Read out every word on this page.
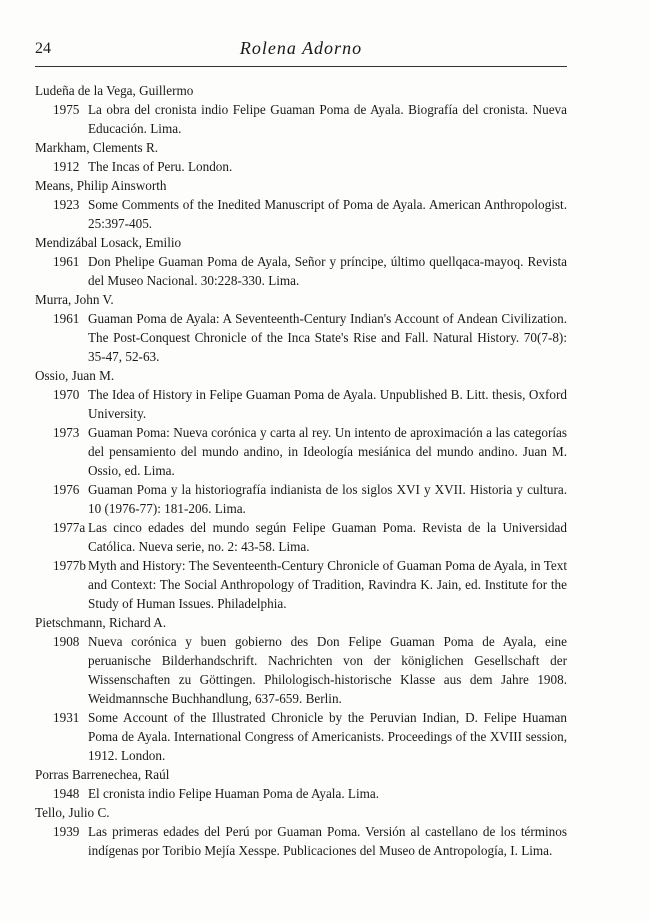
24	Rolena Adorno

Ludeña de la Vega, Guillermo

1975 La obra del cronista indio Felipe Guaman Poma de Ayala. Biografía del cronista. Nueva Educación. Lima.

Markham, Clements R.

1912 The Incas of Peru. London.

Means, Philip Ainsworth

1923 Some Comments of the Inedited Manuscript of Poma de Ayala. American Anthropologist. 25:397-405.

Mendizábal Losack, Emilio

1961 Don Phelipe Guaman Poma de Ayala, Señor y príncipe, último quellqaca-mayoq. Revista del Museo Nacional. 30:228-330. Lima.

Murra, John V.

1961 Guaman Poma de Ayala: A Seventeenth-Century Indian's Account of Andean Civilization. The Post-Conquest Chronicle of the Inca State's Rise and Fall. Natural History. 70(7-8): 35-47, 52-63.

Ossio, Juan M.

1970 The Idea of History in Felipe Guaman Poma de Ayala. Unpublished B. Litt. thesis, Oxford University.
1973 Guaman Poma: Nueva corónica y carta al rey. Un intento de aproximación a las categorías del pensamiento del mundo andino, in Ideología mesiánica del mundo andino. Juan M. Ossio, ed. Lima.
1976 Guaman Poma y la historiografía indianista de los siglos XVI y XVII. Historia y cultura. 10 (1976-77): 181-206. Lima.
1977a Las cinco edades del mundo según Felipe Guaman Poma. Revista de la Universidad Católica. Nueva serie, no. 2: 43-58. Lima.
1977b Myth and History: The Seventeenth-Century Chronicle of Guaman Poma de Ayala, in Text and Context: The Social Anthropology of Tradition, Ravindra K. Jain, ed. Institute for the Study of Human Issues. Philadelphia.

Pietschmann, Richard A.

1908 Nueva corónica y buen gobierno des Don Felipe Guaman Poma de Ayala, eine peruanische Bilderhandschrift. Nachrichten von der königlichen Gesellschaft der Wissenschaften zu Göttingen. Philologisch-historische Klasse aus dem Jahre 1908. Weidmannsche Buchhandlung, 637-659. Berlin.
1931 Some Account of the Illustrated Chronicle by the Peruvian Indian, D. Felipe Huaman Poma de Ayala. International Congress of Americanists. Proceedings of the XVIII session, 1912. London.

Porras Barrenechea, Raúl

1948 El cronista indio Felipe Huaman Poma de Ayala. Lima.

Tello, Julio C.

1939 Las primeras edades del Perú por Guaman Poma. Versión al castellano de los términos indígenas por Toribio Mejía Xesspe. Publicaciones del Museo de Antropología, I. Lima.
